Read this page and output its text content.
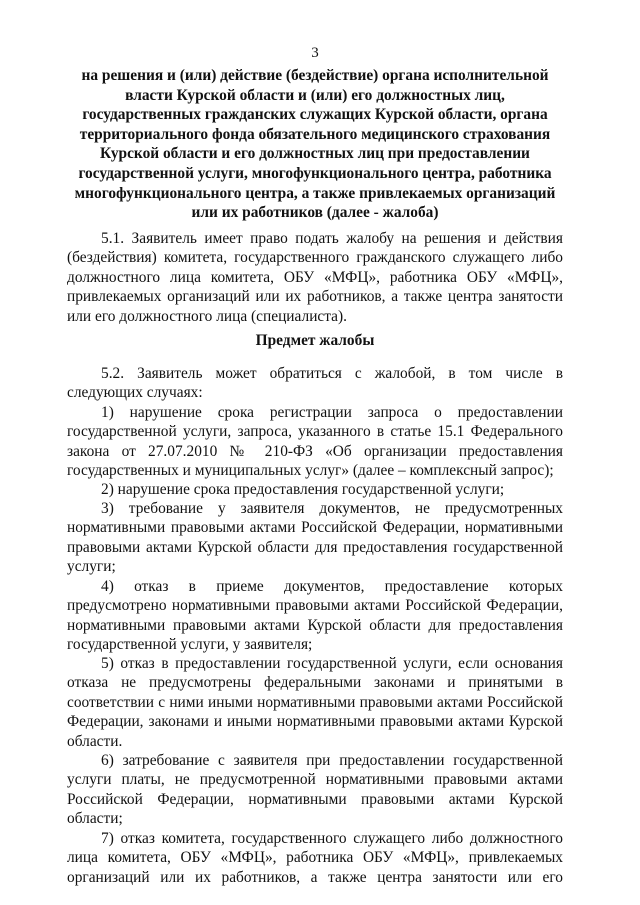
3
на решения и (или) действие (бездействие) органа исполнительной
власти Курской области и (или) его должностных лиц,
государственных гражданских служащих Курской области, органа
территориального фонда обязательного медицинского страхования
Курской области и его должностных лиц при предоставлении
государственной услуги, многофункционального центра, работника
многофункционального центра, а также привлекаемых организаций
или их работников (далее - жалоба)
5.1. Заявитель имеет право подать жалобу на решения и действия
(бездействия) комитета, государственного гражданского служащего либо
должностного лица комитета, ОБУ «МФЦ», работника ОБУ «МФЦ»,
привлекаемых организаций или их работников, а также центра занятости
или его должностного лица (специалиста).
Предмет жалобы
5.2. Заявитель может обратиться с жалобой, в том числе в
следующих случаях:
1) нарушение срока регистрации запроса о предоставлении
государственной услуги, запроса, указанного в статье 15.1 Федерального
закона от 27.07.2010 № 210-ФЗ «Об организации предоставления
государственных и муниципальных услуг» (далее – комплексный запрос);
2) нарушение срока предоставления государственной услуги;
3) требование у заявителя документов, не предусмотренных
нормативными правовыми актами Российской Федерации, нормативными
правовыми актами Курской области для предоставления государственной
услуги;
4) отказ в приеме документов, предоставление которых
предусмотрено нормативными правовыми актами Российской Федерации,
нормативными правовыми актами Курской области для предоставления
государственной услуги, у заявителя;
5) отказ в предоставлении государственной услуги, если основания
отказа не предусмотрены федеральными законами и принятыми в
соответствии с ними иными нормативными правовыми актами Российской
Федерации, законами и иными нормативными правовыми актами Курской
области.
6) затребование с заявителя при предоставлении государственной
услуги платы, не предусмотренной нормативными правовыми актами
Российской Федерации, нормативными правовыми актами Курской
области;
7) отказ комитета, государственного служащего либо должностного
лица комитета, ОБУ «МФЦ», работника ОБУ «МФЦ», привлекаемых
организаций или их работников, а также центра занятости или его
